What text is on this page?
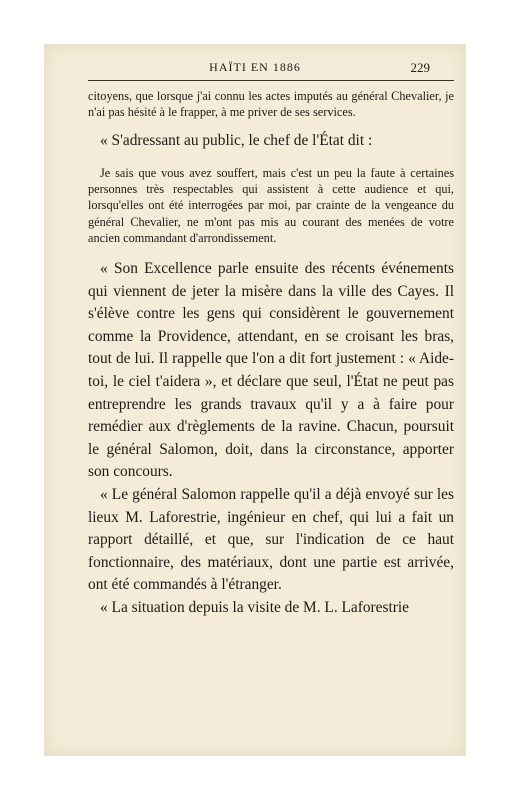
HAÏTI EN 1886	229

citoyens, que lorsque j'ai connu les actes imputés au général Chevalier, je n'ai pas hésité à le frapper, à me priver de ses services.

« S'adressant au public, le chef de l'État dit :

Je sais que vous avez souffert, mais c'est un peu la faute à certaines personnes très respectables qui assistent à cette audience et qui, lorsqu'elles ont été interrogées par moi, par crainte de la vengeance du général Chevalier, ne m'ont pas mis au courant des menées de votre ancien commandant d'arrondissement.

« Son Excellence parle ensuite des récents événements qui viennent de jeter la misère dans la ville des Cayes. Il s'élève contre les gens qui considèrent le gouvernement comme la Providence, attendant, en se croisant les bras, tout de lui. Il rappelle que l'on a dit fort justement : « Aide-toi, le ciel t'aidera », et déclare que seul, l'État ne peut pas entreprendre les grands travaux qu'il y a à faire pour remédier aux d'règlements de la ravine. Chacun, poursuit le général Salomon, doit, dans la circonstance, apporter son concours.

« Le général Salomon rappelle qu'il a déjà envoyé sur les lieux M. Laforestrie, ingénieur en chef, qui lui a fait un rapport détaillé, et que, sur l'indication de ce haut fonctionnaire, des matériaux, dont une partie est arrivée, ont été commandés à l'étranger.

« La situation depuis la visite de M. L. Laforestrie
